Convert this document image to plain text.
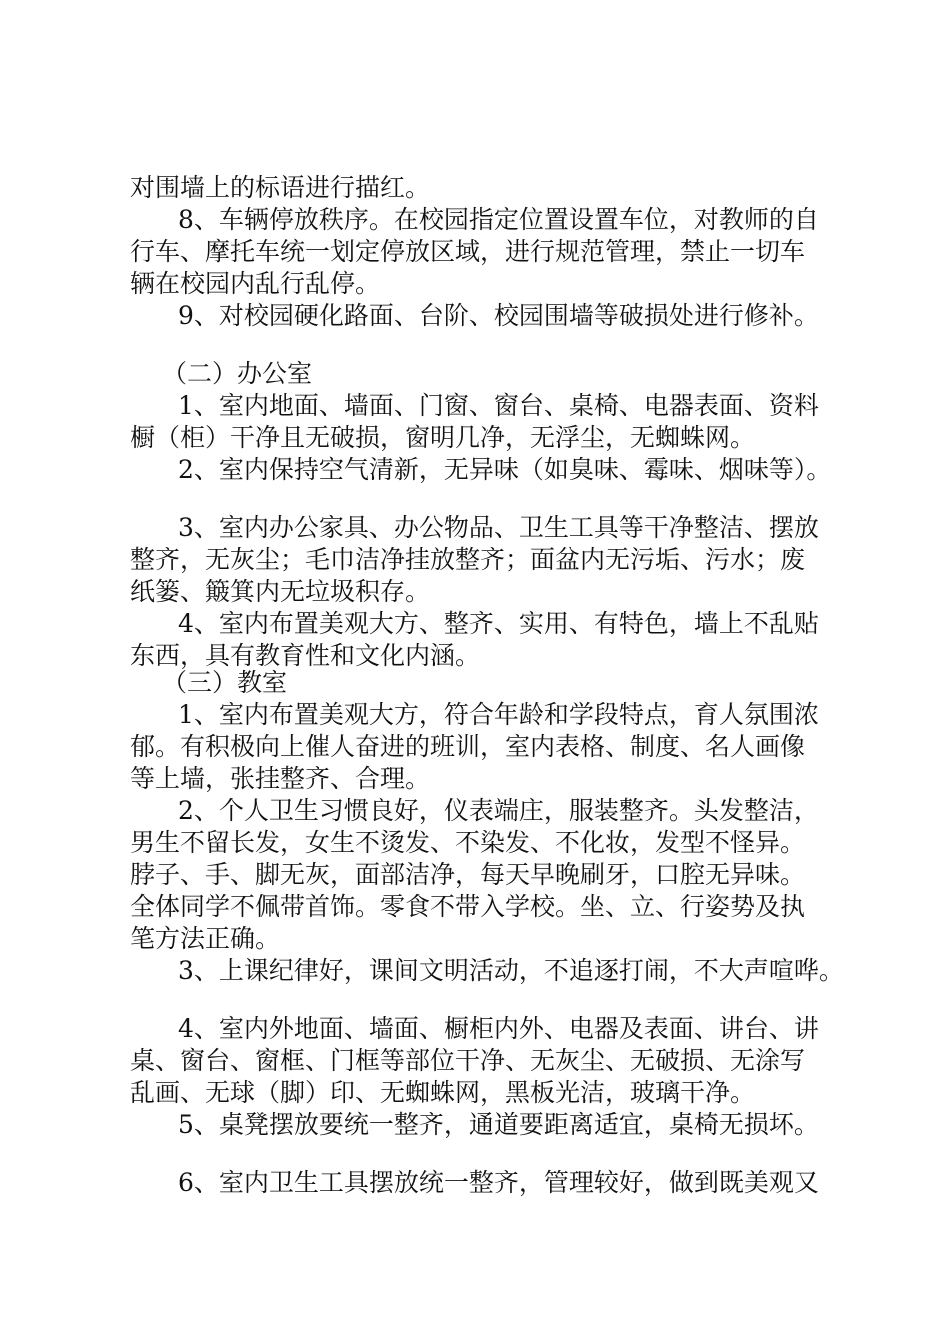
对围墙上的标语进行描红。
8、车辆停放秩序。在校园指定位置设置车位，对教师的自
行车、摩托车统一划定停放区域，进行规范管理，禁止一切车
辆在校园内乱行乱停。
9、对校园硬化路面、台阶、校园围墙等破损处进行修补。
（二）办公室
1、室内地面、墙面、门窗、窗台、桌椅、电器表面、资料
橱（柜）干净且无破损，窗明几净，无浮尘，无蜘蛛网。
2、室内保持空气清新，无异味（如臭味、霉味、烟味等）。
3、室内办公家具、办公物品、卫生工具等干净整洁、摆放
整齐，无灰尘；毛巾洁净挂放整齐；面盆内无污垢、污水；废
纸篓、簸箕内无垃圾积存。
4、室内布置美观大方、整齐、实用、有特色，墙上不乱贴
东西，具有教育性和文化内涵。
（三）教室
1、室内布置美观大方，符合年龄和学段特点，育人氛围浓
郁。有积极向上催人奋进的班训，室内表格、制度、名人画像
等上墙，张挂整齐、合理。
2、个人卫生习惯良好，仪表端庄，服装整齐。头发整洁，
男生不留长发，女生不烫发、不染发、不化妆，发型不怪异。
脖子、手、脚无灰，面部洁净，每天早晚刷牙，口腔无异味。
全体同学不佩带首饰。零食不带入学校。坐、立、行姿势及执
笔方法正确。
3、上课纪律好，课间文明活动，不追逐打闹，不大声喧哗。
4、室内外地面、墙面、橱柜内外、电器及表面、讲台、讲
桌、窗台、窗框、门框等部位干净、无灰尘、无破损、无涂写
乱画、无球（脚）印、无蜘蛛网，黑板光洁，玻璃干净。
5、桌凳摆放要统一整齐，通道要距离适宜，桌椅无损坏。
6、室内卫生工具摆放统一整齐，管理较好，做到既美观又
